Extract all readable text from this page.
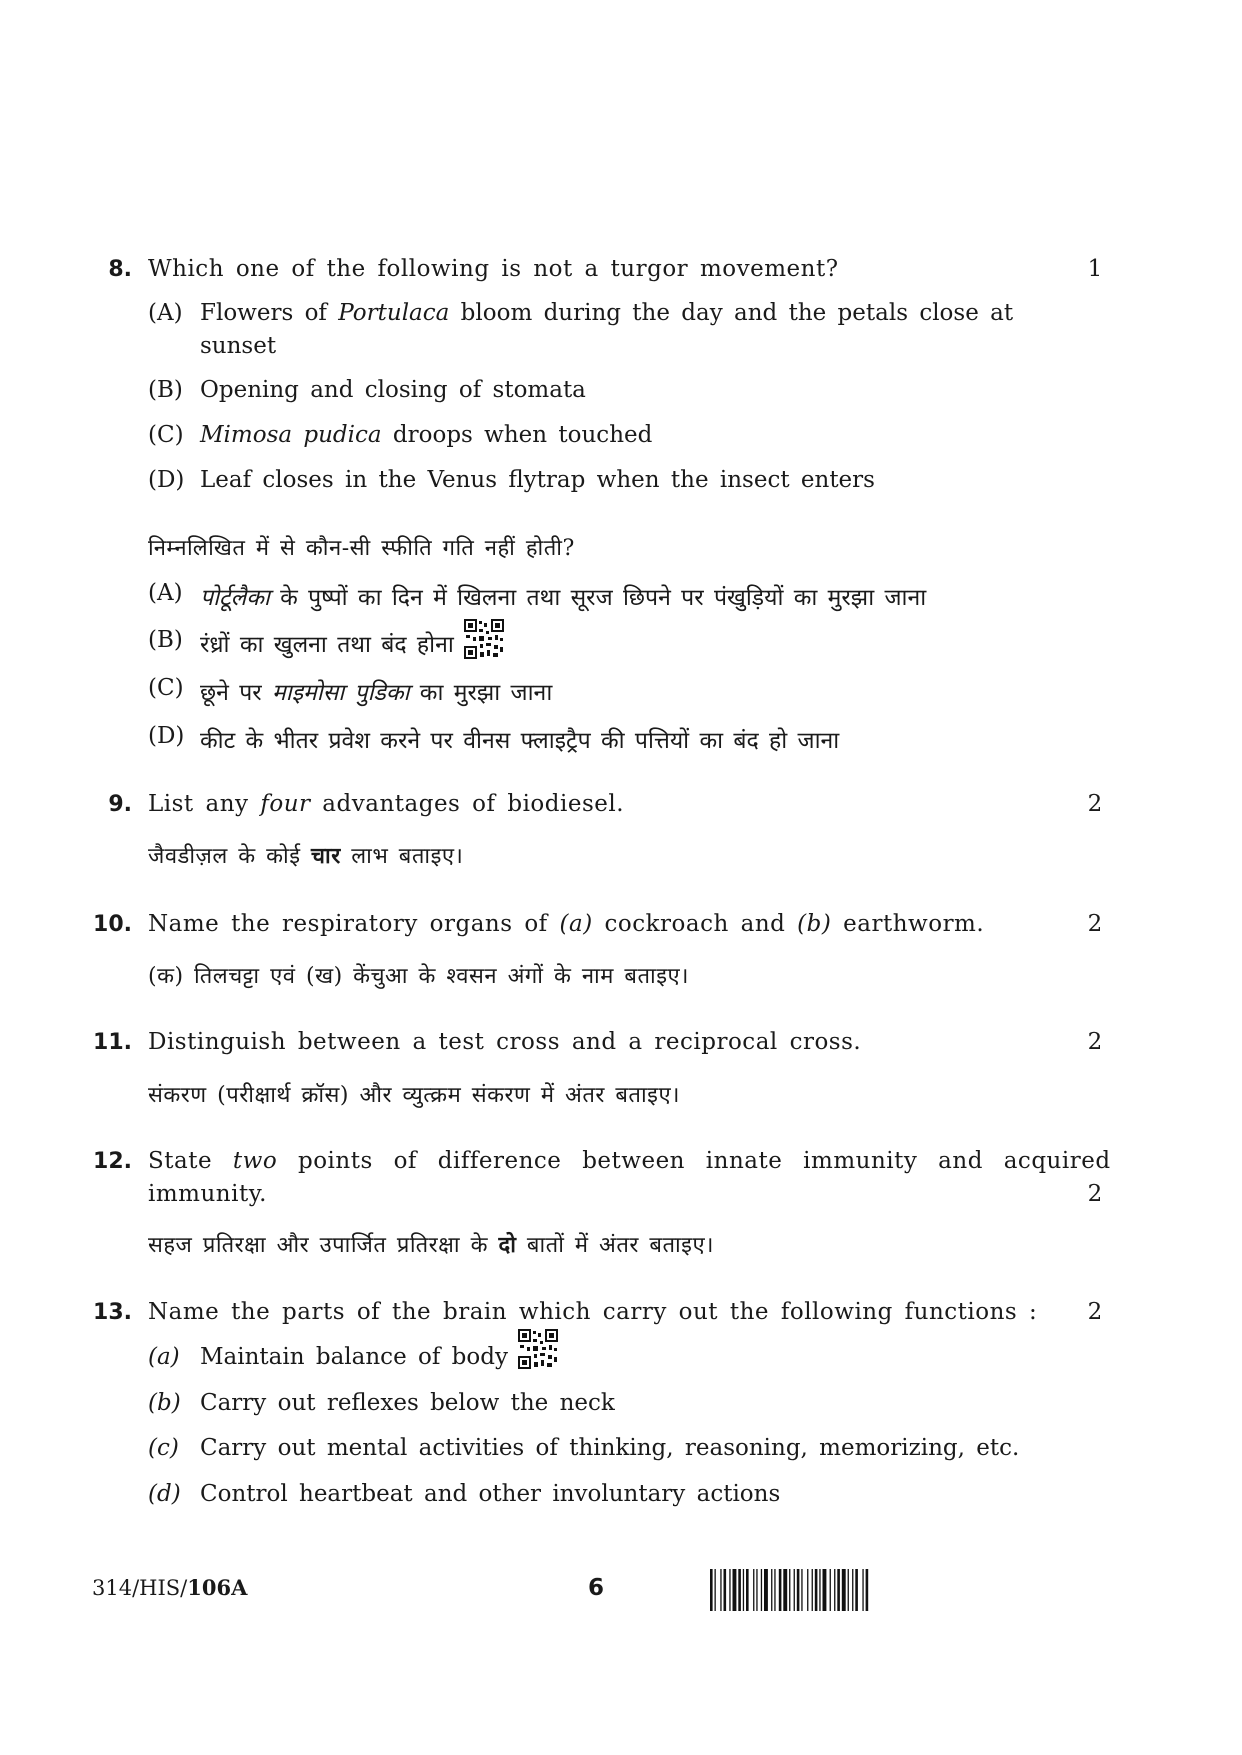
8. Which one of the following is not a turgor movement?	1
(A) Flowers of Portulaca bloom during the day and the petals close at
sunset
(B) Opening and closing of stomata
(C) Mimosa pudica droops when touched
(D) Leaf closes in the Venus flytrap when the insect enters
निम्नलिखित में से कौन-सी स्फीति गति नहीं होती?
(A) पोर्टूलैका के पुष्पों का दिन में खिलना तथा सूरज छिपने पर पंखुड़ियों का मुरझा जाना
(B) रंध्रों का खुलना तथा बंद होना
(C) छूने पर माइमोसा पुडिका का मुरझा जाना
(D) कीट के भीतर प्रवेश करने पर वीनस फ्लाइट्रैप की पत्तियों का बंद हो जाना
9. List any four advantages of biodiesel.	2
जैवडीज़ल के कोई चार लाभ बताइए।
10. Name the respiratory organs of (a) cockroach and (b) earthworm.	2
(क) तिलचट्टा एवं (ख) केंचुआ के श्वसन अंगों के नाम बताइए।
11. Distinguish between a test cross and a reciprocal cross.	2
संकरण (परीक्षार्थ क्रॉस) और व्युत्क्रम संकरण में अंतर बताइए।
12. State two points of difference between innate immunity and acquired
immunity.	2
सहज प्रतिरक्षा और उपार्जित प्रतिरक्षा के दो बातों में अंतर बताइए।
13. Name the parts of the brain which carry out the following functions :	2
(a) Maintain balance of body
(b) Carry out reflexes below the neck
(c) Carry out mental activities of thinking, reasoning, memorizing, etc.
(d) Control heartbeat and other involuntary actions
314/HIS/106A	6
